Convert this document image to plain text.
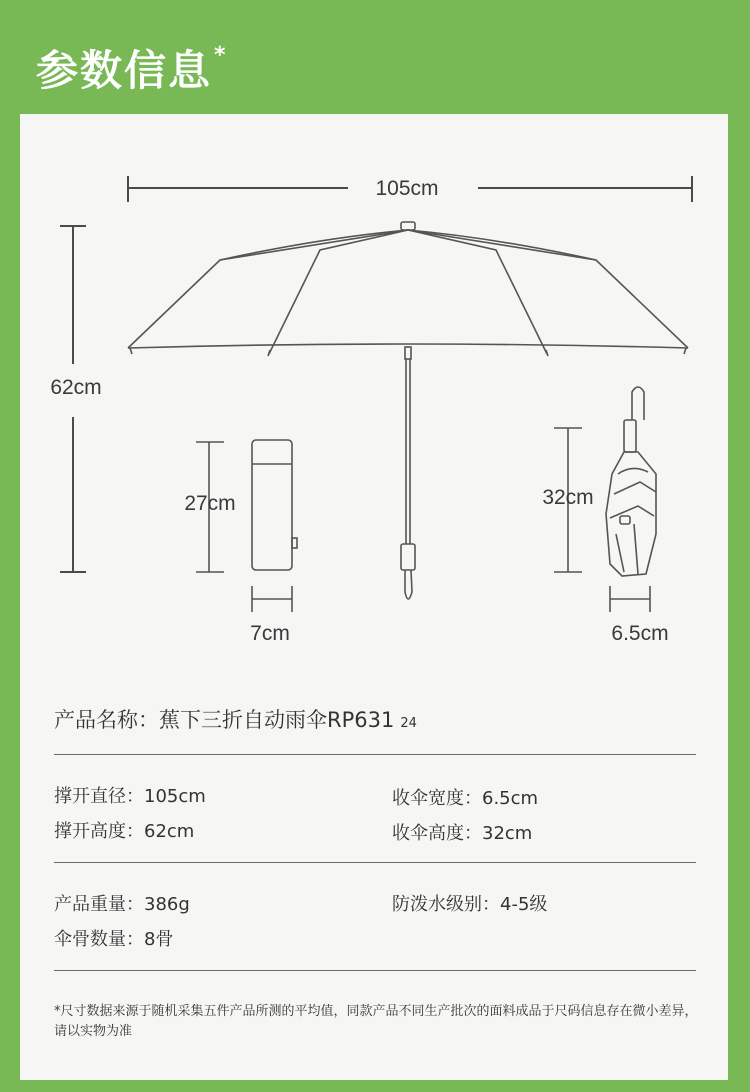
参数信息*
105cm
62cm
27cm
7cm
32cm
6.5cm
产品名称：蕉下三折自动雨伞RP631 24
撑开直径：105cm	收伞宽度：6.5cm
撑开高度：62cm	收伞高度：32cm
产品重量：386g	防泼水级别：4-5级
伞骨数量：8骨
*尺寸数据来源于随机采集五件产品所测的平均值，同款产品不同生产批次的面料成品于尺码信息存在微小差异，请以实物为准
